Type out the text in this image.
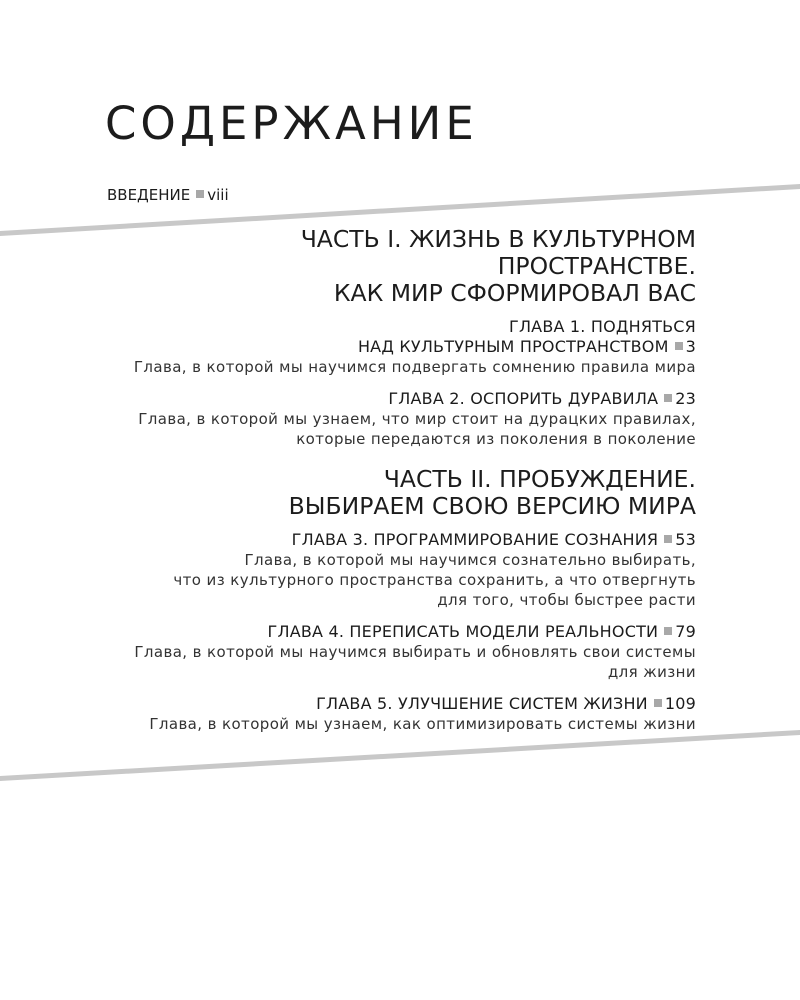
СОДЕРЖАНИЕ
ВВЕДЕНИЕ viii
ЧАСТЬ I. ЖИЗНЬ В КУЛЬТУРНОМ
ПРОСТРАНСТВЕ.
КАК МИР СФОРМИРОВАЛ ВАС
ГЛАВА 1. ПОДНЯТЬСЯ
НАД КУЛЬТУРНЫМ ПРОСТРАНСТВОМ 3
Глава, в которой мы научимся подвергать сомнению правила мира
ГЛАВА 2. ОСПОРИТЬ ДУРАВИЛА 23
Глава, в которой мы узнаем, что мир стоит на дурацких правилах,
которые передаются из поколения в поколение
ЧАСТЬ II. ПРОБУЖДЕНИЕ.
ВЫБИРАЕМ СВОЮ ВЕРСИЮ МИРА
ГЛАВА 3. ПРОГРАММИРОВАНИЕ СОЗНАНИЯ 53
Глава, в которой мы научимся сознательно выбирать,
что из культурного пространства сохранить, а что отвергнуть
для того, чтобы быстрее расти
ГЛАВА 4. ПЕРЕПИСАТЬ МОДЕЛИ РЕАЛЬНОСТИ 79
Глава, в которой мы научимся выбирать и обновлять свои системы
для жизни
ГЛАВА 5. УЛУЧШЕНИЕ СИСТЕМ ЖИЗНИ 109
Глава, в которой мы узнаем, как оптимизировать системы жизни
